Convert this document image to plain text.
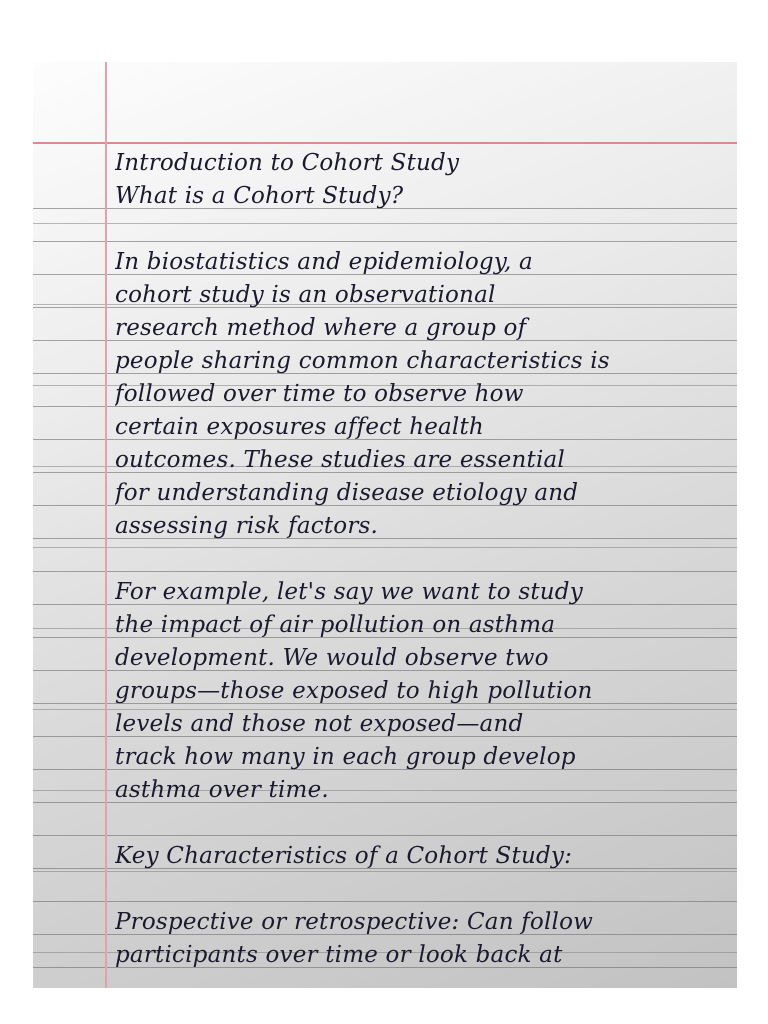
Introduction to Cohort Study
What is a Cohort Study?
In biostatistics and epidemiology, a
cohort study is an observational
research method where a group of
people sharing common characteristics is
followed over time to observe how
certain exposures affect health
outcomes. These studies are essential
for understanding disease etiology and
assessing risk factors.
For example, let's say we want to study
the impact of air pollution on asthma
development. We would observe two
groups—those exposed to high pollution
levels and those not exposed—and
track how many in each group develop
asthma over time.
Key Characteristics of a Cohort Study:
Prospective or retrospective: Can follow
participants over time or look back at
